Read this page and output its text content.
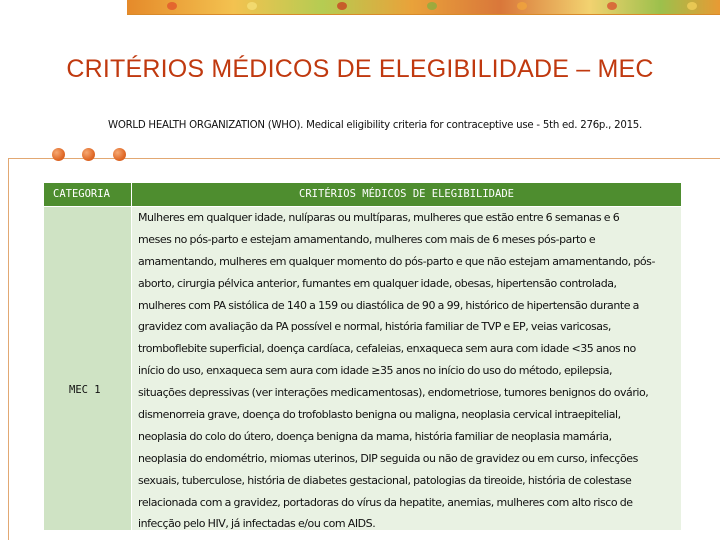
CRITÉRIOS MÉDICOS DE ELEGIBILIDADE – MEC
WORLD HEALTH ORGANIZATION (WHO). Medical eligibility criteria for contraceptive use - 5th ed. 276p., 2015.
CATEGORIA	CRITÉRIOS MÉDICOS DE ELEGIBILIDADE
MEC 1
Mulheres em qualquer idade, nulíparas ou multíparas, mulheres que estão entre 6 semanas e 6
meses no pós-parto e estejam amamentando, mulheres com mais de 6 meses pós-parto e
amamentando, mulheres em qualquer momento do pós-parto e que não estejam amamentando, pós-
aborto, cirurgia pélvica anterior, fumantes em qualquer idade, obesas, hipertensão controlada,
mulheres com PA sistólica de 140 a 159 ou diastólica de 90 a 99, histórico de hipertensão durante a
gravidez com avaliação da PA possível e normal, história familiar de TVP e EP, veias varicosas,
tromboflebite superficial, doença cardíaca, cefaleias, enxaqueca sem aura com idade <35 anos no
início do uso, enxaqueca sem aura com idade ≥35 anos no início do uso do método, epilepsia,
situações depressivas (ver interações medicamentosas), endometriose, tumores benignos do ovário,
dismenorreia grave, doença do trofoblasto benigna ou maligna, neoplasia cervical intraepitelial,
neoplasia do colo do útero, doença benigna da mama, história familiar de neoplasia mamária,
neoplasia do endométrio, miomas uterinos, DIP seguida ou não de gravidez ou em curso, infecções
sexuais, tuberculose, história de diabetes gestacional, patologias da tireoide, história de colestase
relacionada com a gravidez, portadoras do vírus da hepatite, anemias, mulheres com alto risco de
infecção pelo HIV, já infectadas e/ou com AIDS.
